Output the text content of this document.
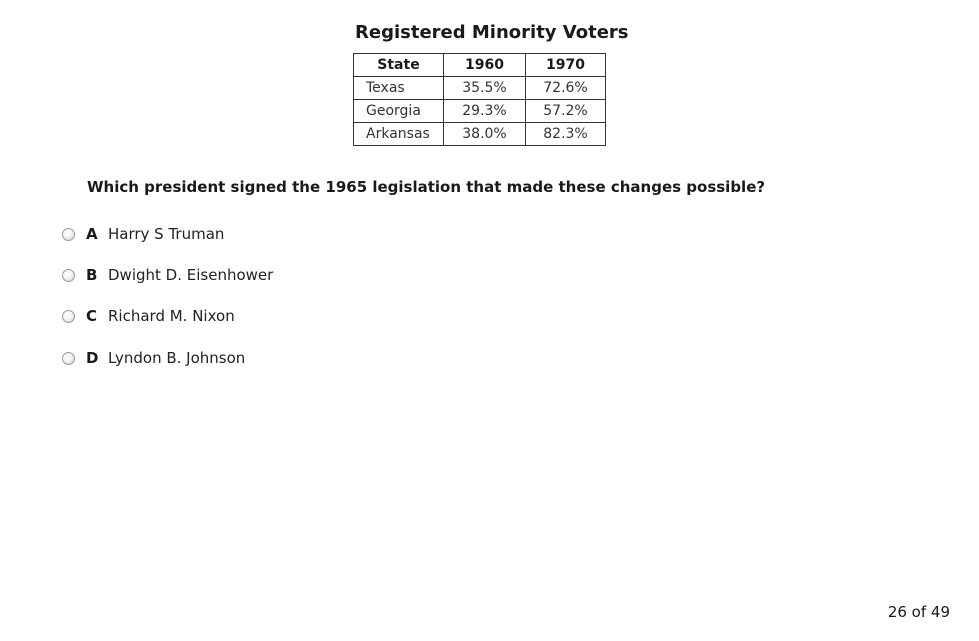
Registered Minority Voters
State	1960	1970
Texas	35.5%	72.6%
Georgia	29.3%	57.2%
Arkansas	38.0%	82.3%
Which president signed the 1965 legislation that made these changes possible?
A Harry S Truman
B Dwight D. Eisenhower
C Richard M. Nixon
D Lyndon B. Johnson
26 of 49
